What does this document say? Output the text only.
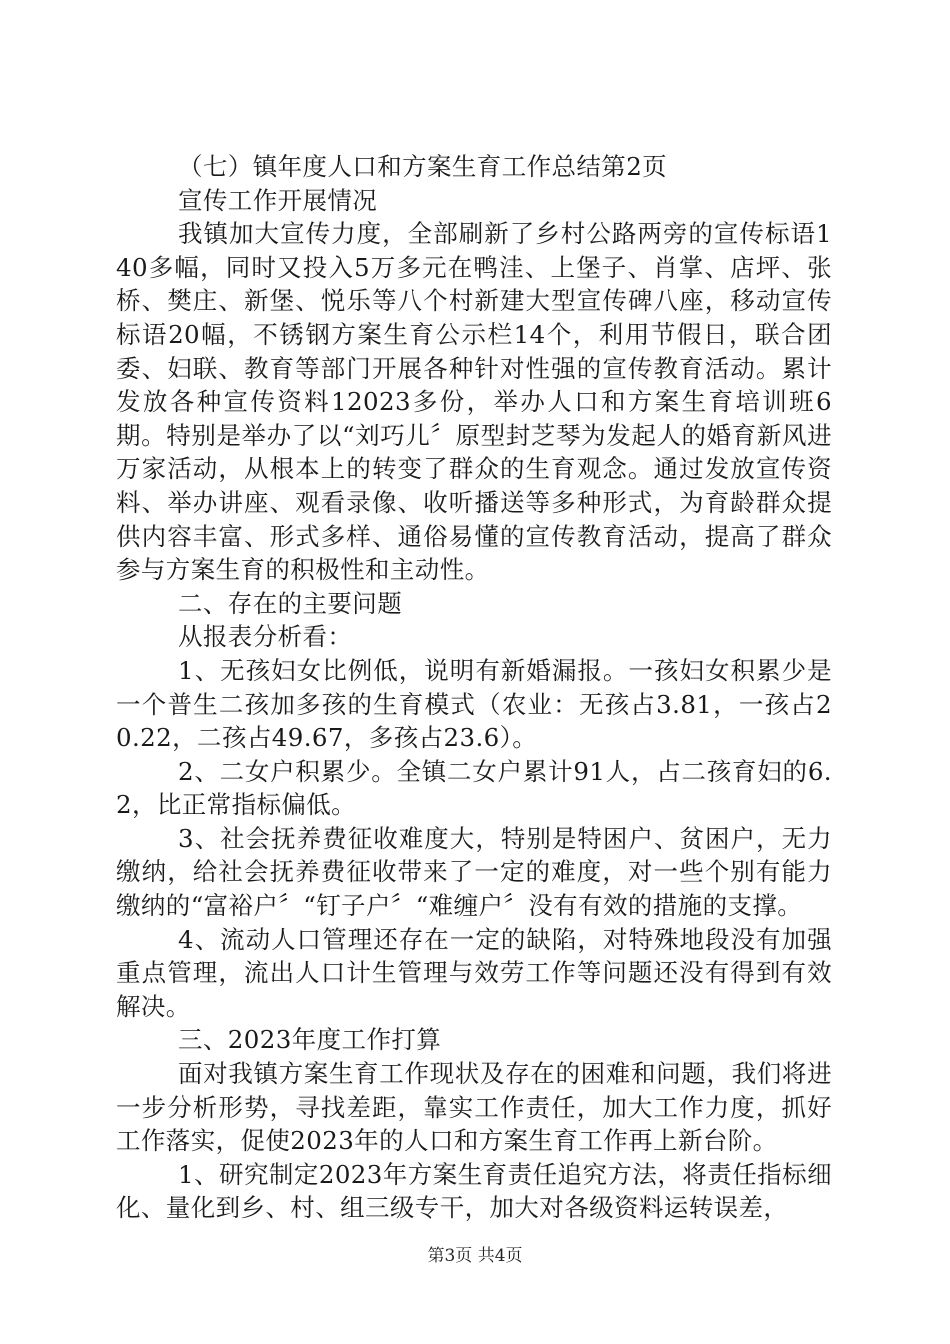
（七）镇年度人口和方案生育工作总结第2页

宣传工作开展情况

我镇加大宣传力度，全部刷新了乡村公路两旁的宣传标语140多幅，同时又投入5万多元在鸭洼、上堡子、肖掌、店坪、张桥、樊庄、新堡、悦乐等八个村新建大型宣传碑八座，移动宣传标语20幅，不锈钢方案生育公示栏14个，利用节假日，联合团委、妇联、教育等部门开展各种针对性强的宣传教育活动。累计发放各种宣传资料12023多份，举办人口和方案生育培训班6期。特别是举办了以“刘巧儿〞原型封芝琴为发起人的婚育新风进万家活动，从根本上的转变了群众的生育观念。通过发放宣传资料、举办讲座、观看录像、收听播送等多种形式，为育龄群众提供内容丰富、形式多样、通俗易懂的宣传教育活动，提高了群众参与方案生育的积极性和主动性。

二、存在的主要问题

从报表分析看：

1、无孩妇女比例低，说明有新婚漏报。一孩妇女积累少是一个普生二孩加多孩的生育模式（农业：无孩占3.81，一孩占20.22，二孩占49.67，多孩占23.6）。

2、二女户积累少。全镇二女户累计91人，占二孩育妇的6.2，比正常指标偏低。

3、社会抚养费征收难度大，特别是特困户、贫困户，无力缴纳，给社会抚养费征收带来了一定的难度，对一些个别有能力缴纳的“富裕户〞“钉子户〞“难缠户〞没有有效的措施的支撑。

4、流动人口管理还存在一定的缺陷，对特殊地段没有加强重点管理，流出人口计生管理与效劳工作等问题还没有得到有效解决。

三、2023年度工作打算

面对我镇方案生育工作现状及存在的困难和问题，我们将进一步分析形势，寻找差距，靠实工作责任，加大工作力度，抓好工作落实，促使2023年的人口和方案生育工作再上新台阶。

1、研究制定2023年方案生育责任追究方法，将责任指标细化、量化到乡、村、组三级专干，加大对各级资料运转误差，

第3页 共4页
